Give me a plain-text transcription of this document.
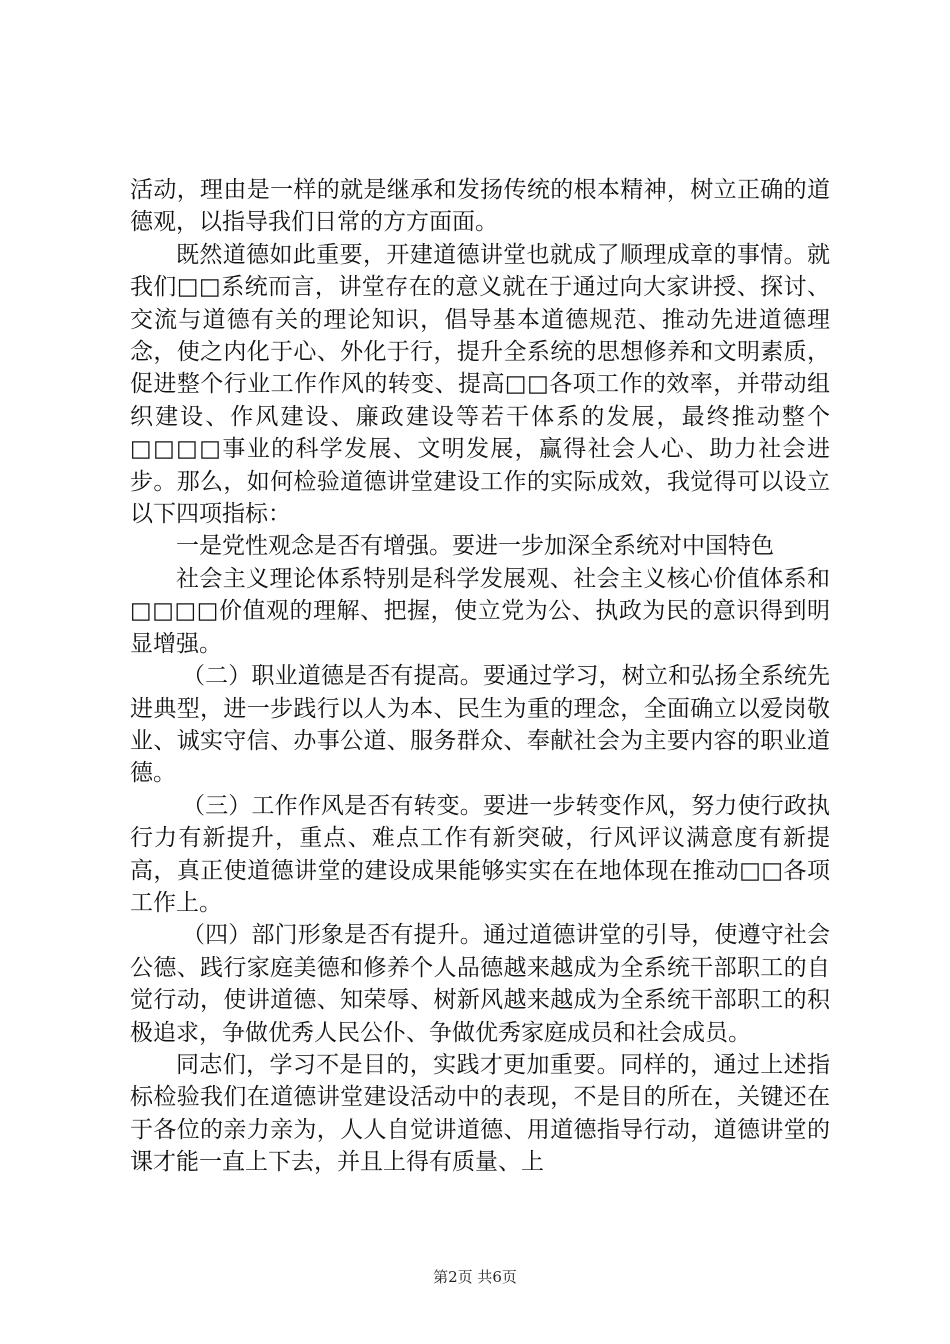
活动，理由是一样的就是继承和发扬传统的根本精神，树立正确的道德观，以指导我们日常的方方面面。

既然道德如此重要，开建道德讲堂也就成了顺理成章的事情。就我们□□系统而言，讲堂存在的意义就在于通过向大家讲授、探讨、交流与道德有关的理论知识，倡导基本道德规范、推动先进道德理念，使之内化于心、外化于行，提升全系统的思想修养和文明素质，促进整个行业工作作风的转变、提高□□各项工作的效率，并带动组织建设、作风建设、廉政建设等若干体系的发展，最终推动整个□□□□事业的科学发展、文明发展，赢得社会人心、助力社会进步。那么，如何检验道德讲堂建设工作的实际成效，我觉得可以设立以下四项指标：

一是党性观念是否有增强。要进一步加深全系统对中国特色

社会主义理论体系特别是科学发展观、社会主义核心价值体系和□□□□价值观的理解、把握，使立党为公、执政为民的意识得到明显增强。

（二）职业道德是否有提高。要通过学习，树立和弘扬全系统先进典型，进一步践行以人为本、民生为重的理念，全面确立以爱岗敬业、诚实守信、办事公道、服务群众、奉献社会为主要内容的职业道德。

（三）工作作风是否有转变。要进一步转变作风，努力使行政执行力有新提升，重点、难点工作有新突破，行风评议满意度有新提高，真正使道德讲堂的建设成果能够实实在在地体现在推动□□各项工作上。

（四）部门形象是否有提升。通过道德讲堂的引导，使遵守社会公德、践行家庭美德和修养个人品德越来越成为全系统干部职工的自觉行动，使讲道德、知荣辱、树新风越来越成为全系统干部职工的积极追求，争做优秀人民公仆、争做优秀家庭成员和社会成员。

同志们，学习不是目的，实践才更加重要。同样的，通过上述指标检验我们在道德讲堂建设活动中的表现，不是目的所在，关键还在于各位的亲力亲为，人人自觉讲道德、用道德指导行动，道德讲堂的课才能一直上下去，并且上得有质量、上

第2页 共6页
